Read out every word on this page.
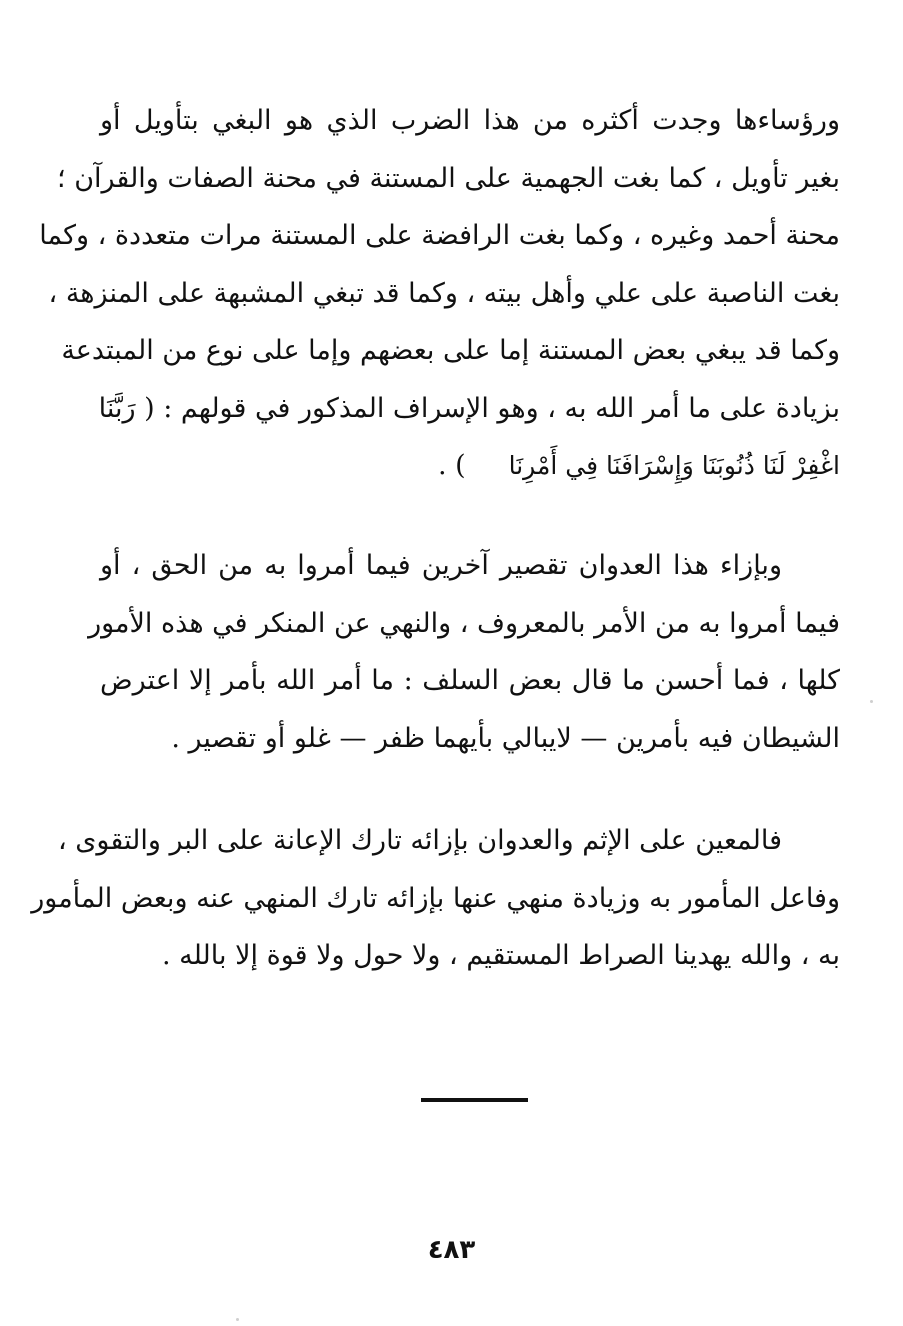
ورؤساءها وجدت أكثره من هذا الضرب الذي هو البغي بتأويل أو
بغير تأويل ، كما بغت الجهمية على المستنة في محنة الصفات والقرآن ؛
محنة أحمد وغيره ، وكما بغت الرافضة على المستنة مرات متعددة ، وكما
بغت الناصبة على علي وأهل بيته ، وكما قد تبغي المشبهة على المنزهة ،
وكما قد يبغي بعض المستنة إما على بعضهم وإما على نوع من المبتدعة
بزيادة على ما أمر الله به ، وهو الإسراف المذكور في قولهم : ( رَبَّنَا
اغْفِرْ لَنَا ذُنُوبَنَا وَإِسْرَافَنَا فِي أَمْرِنَا     ) .
وبإزاء هذا العدوان تقصير آخرين فيما أمروا به من الحق ، أو
فيما أمروا به من الأمر بالمعروف ، والنهي عن المنكر في هذه الأمور
كلها ، فما أحسن ما قال بعض السلف : ما أمر الله بأمر إلا اعترض
الشيطان فيه بأمرين — لايبالي بأيهما ظفر — غلو أو تقصير .
فالمعين على الإثم والعدوان بإزائه تارك الإعانة على البر والتقوى ،
وفاعل المأمور به وزيادة منهي عنها بإزائه تارك المنهي عنه وبعض المأمور
به ، والله يهدينا الصراط المستقيم ، ولا حول ولا قوة إلا بالله .
٤٨٣
